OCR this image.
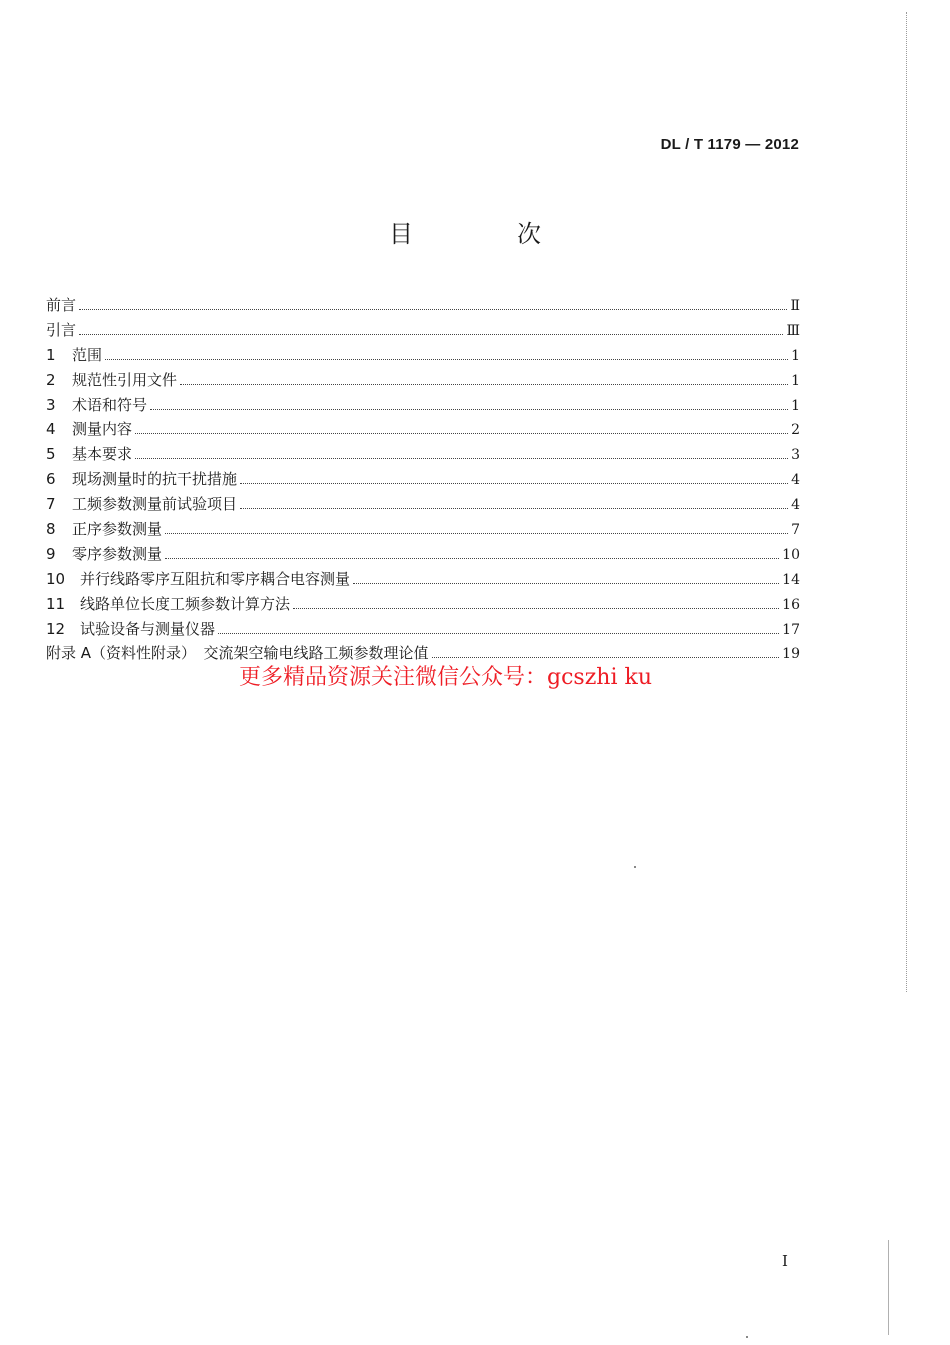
DL / T 1179 — 2012
目　次
前言	Ⅱ
引言	Ⅲ
1	范围	1
2	规范性引用文件	1
3	术语和符号	1
4	测量内容	2
5	基本要求	3
6	现场测量时的抗干扰措施	4
7	工频参数测量前试验项目	4
8	正序参数测量	7
9	零序参数测量	10
10 并行线路零序互阻抗和零序耦合电容测量	14
11 线路单位长度工频参数计算方法	16
12 试验设备与测量仪器	17
附录 A（资料性附录）　交流架空输电线路工频参数理论值	19
更多精品资源关注微信公众号：gcszhi ku
I
